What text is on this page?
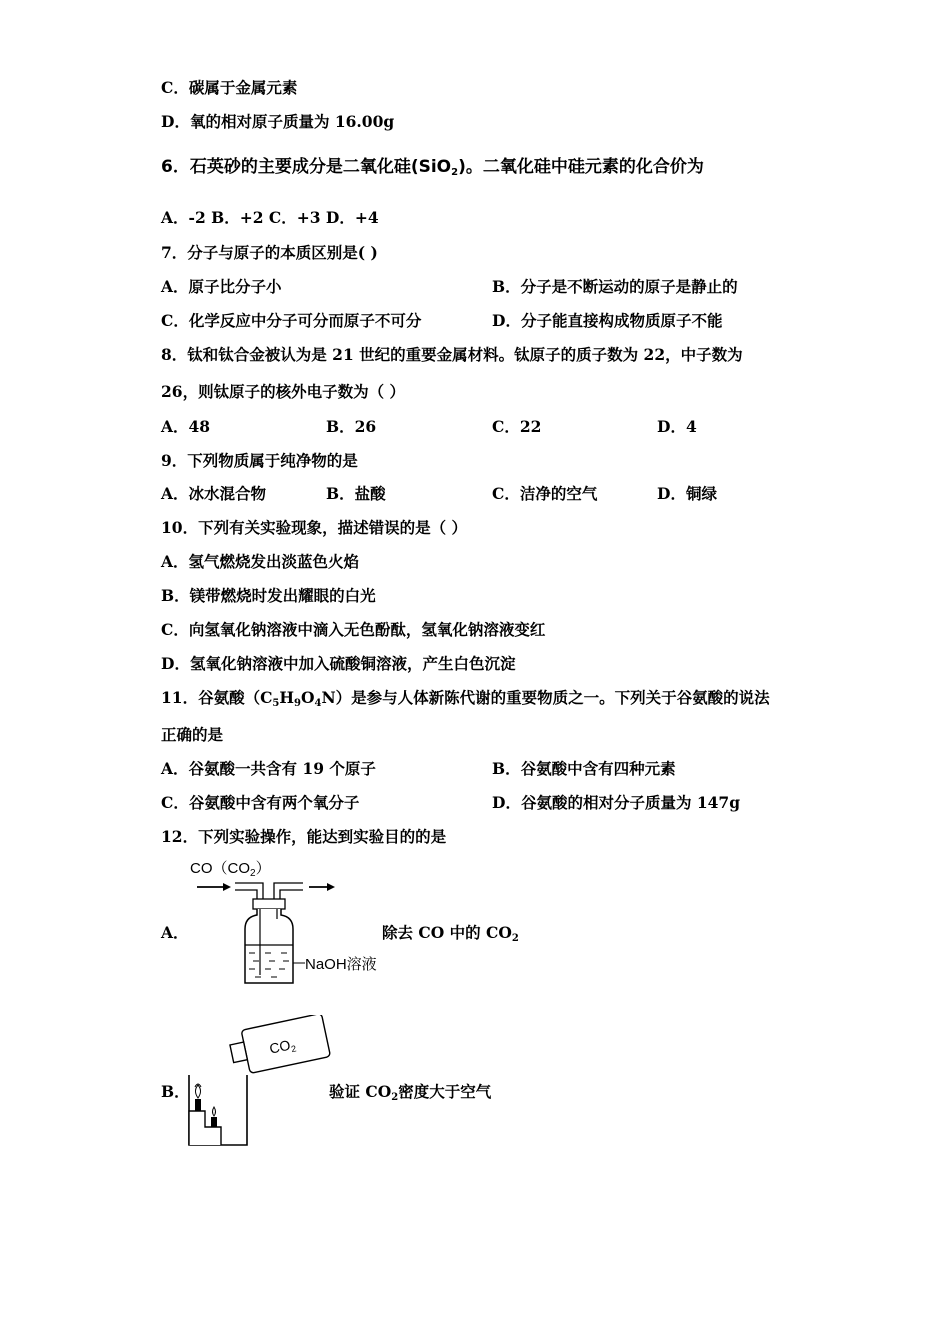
C．碳属于金属元素
D．氧的相对原子质量为 16.00g
6．石英砂的主要成分是二氧化硅(SiO$_2$)。二氧化硅中硅元素的化合价为
A．-2 B．+2 C．+3 D．+4
7．分子与原子的本质区别是( )
A．原子比分子小	B．分子是不断运动的原子是静止的
C．化学反应中分子可分而原子不可分	D．分子能直接构成物质原子不能
8．钛和钛合金被认为是 21 世纪的重要金属材料。钛原子的质子数为 22，中子数为
26，则钛原子的核外电子数为（ ）
A．48	B．26	C．22	D．4
9．下列物质属于纯净物的是
A．冰水混合物	B．盐酸	C．洁净的空气	D．铜绿
10．下列有关实验现象，描述错误的是（ ）
A．氢气燃烧发出淡蓝色火焰
B．镁带燃烧时发出耀眼的白光
C．向氢氧化钠溶液中滴入无色酚酞，氢氧化钠溶液变红
D．氢氧化钠溶液中加入硫酸铜溶液，产生白色沉淀
11．谷氨酸$(C_5H_9O_4N)$是参与人体新陈代谢的重要物质之一。下列关于谷氨酸的说法
正确的是
A．谷氨酸一共含有 19 个原子	B．谷氨酸中含有四种元素
C．谷氨酸中含有两个氧分子	D．谷氨酸的相对分子质量为 147g
12．下列实验操作，能达到实验目的的是
A．
$CO(CO_2)$
NaOH溶液
除去 CO 中的 $CO_2$
B．
$CO_2$
验证 $CO_2$密度大于空气
